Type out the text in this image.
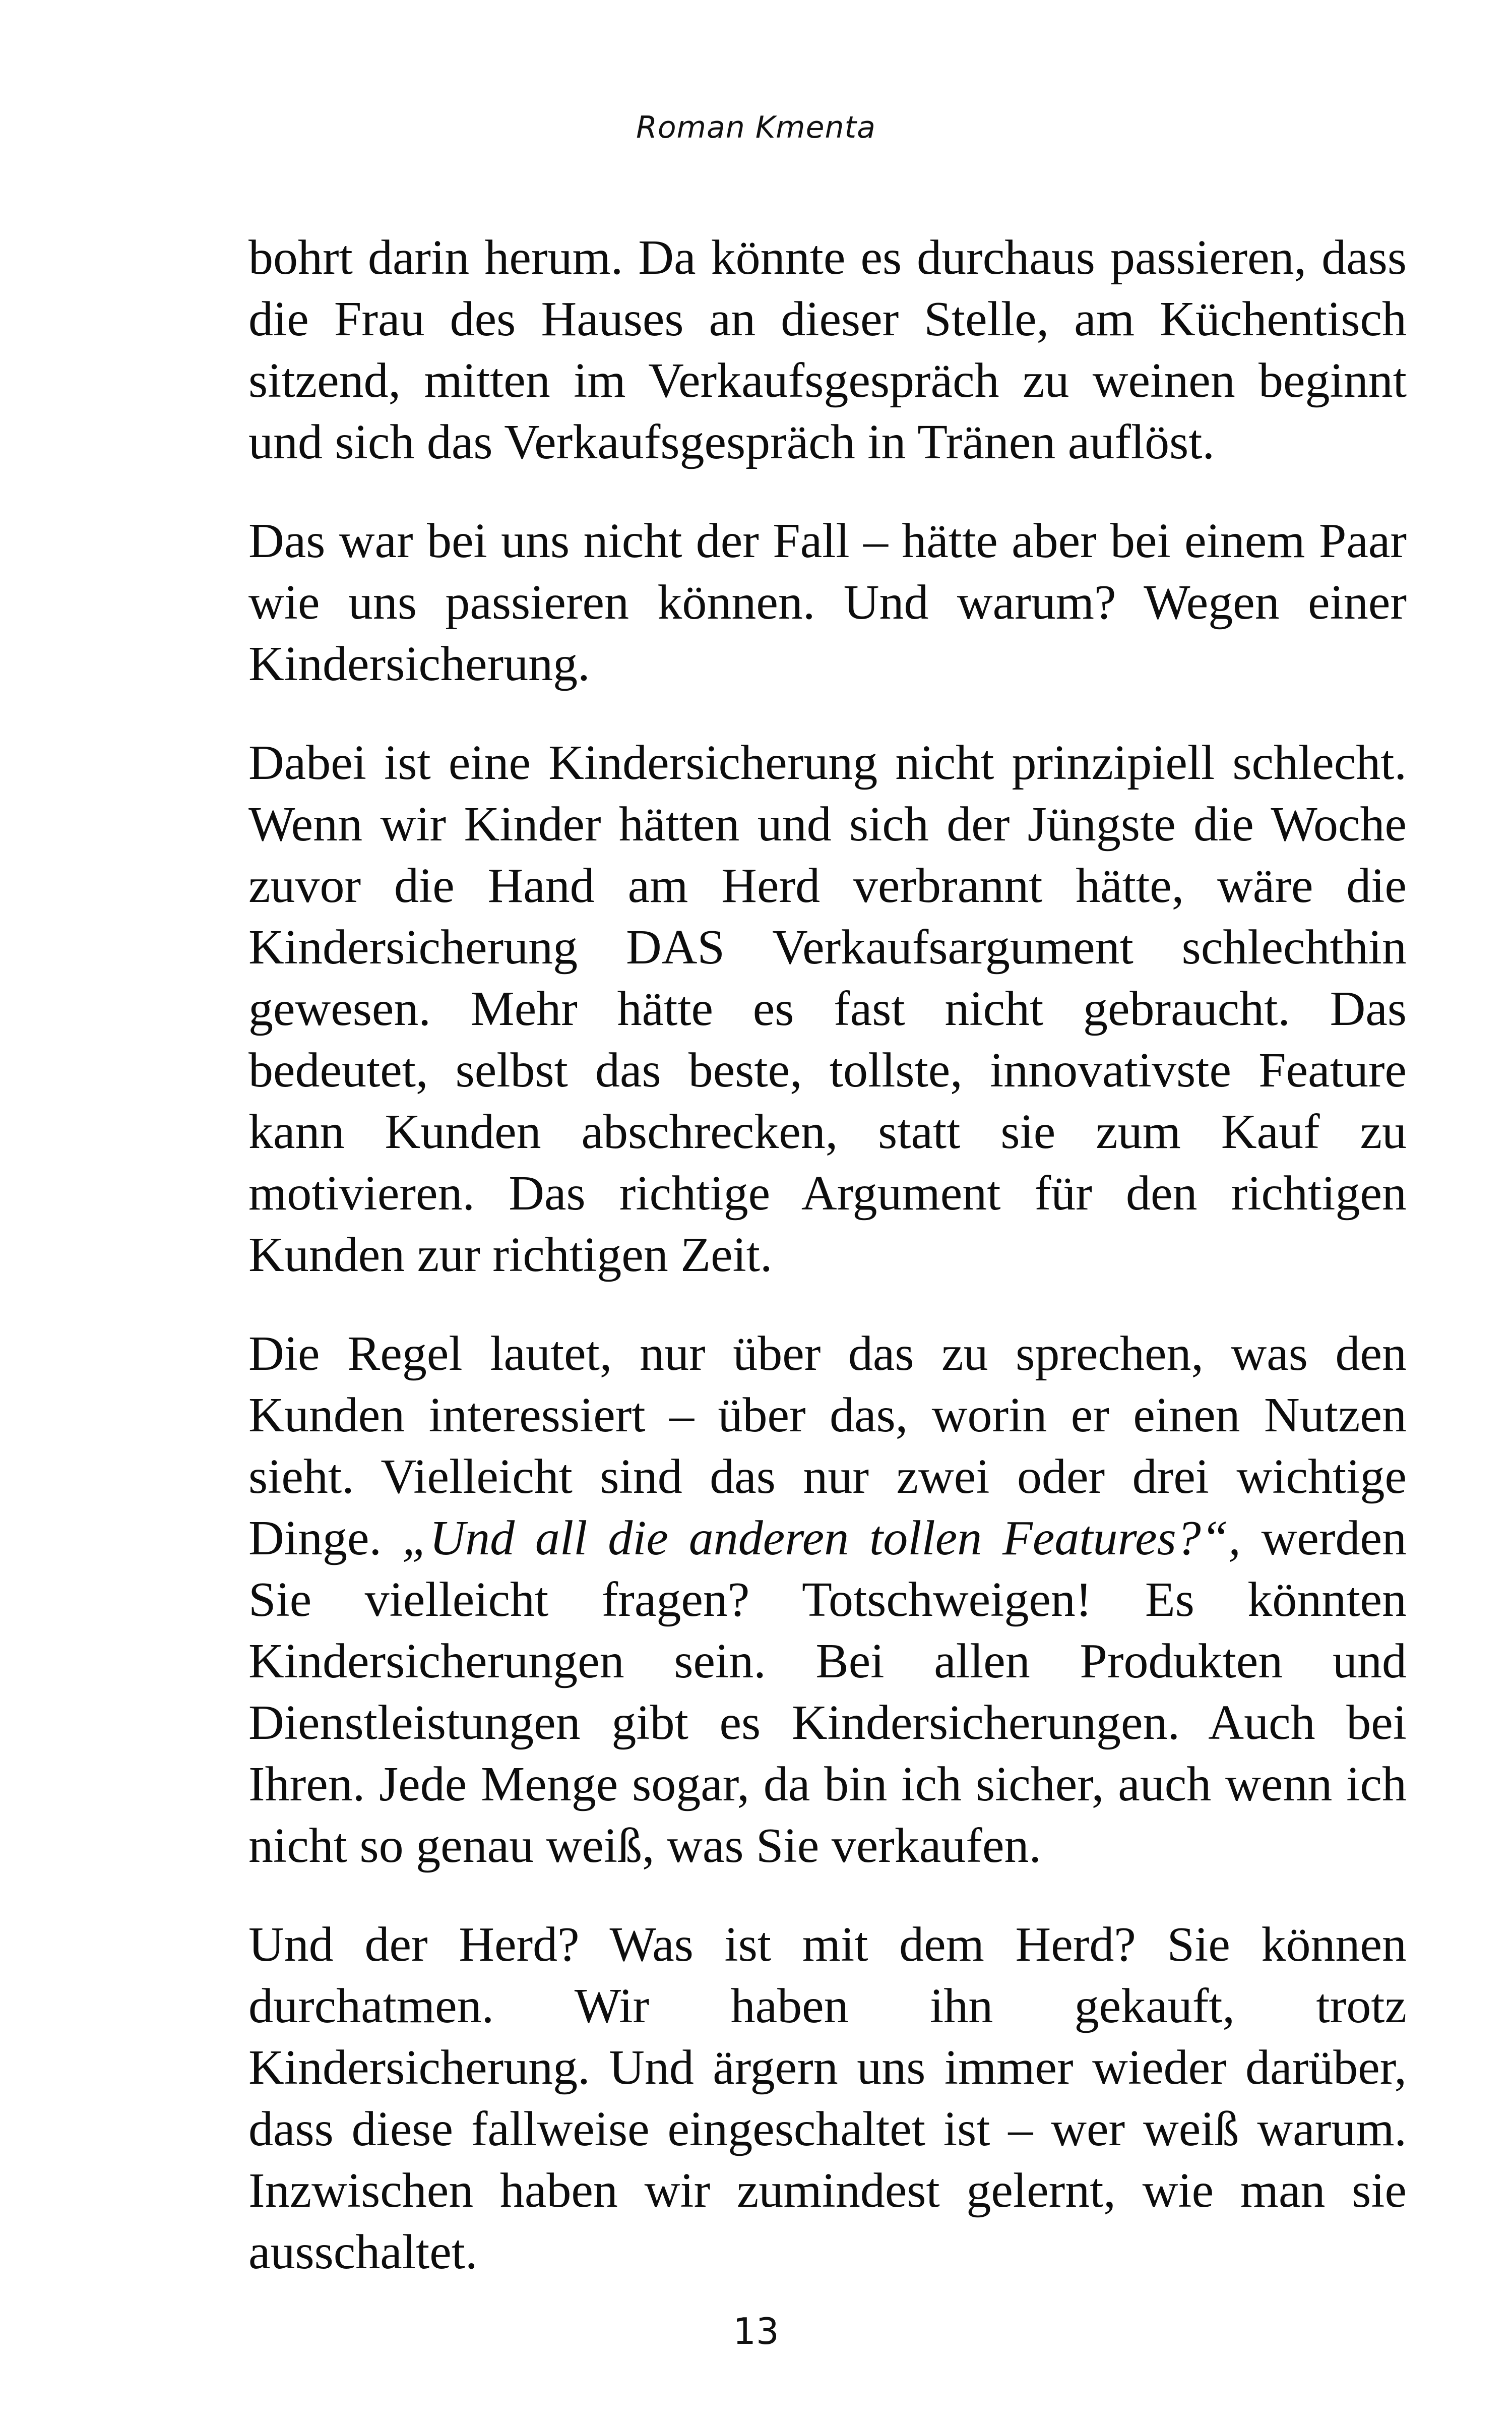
Roman Kmenta

bohrt darin herum. Da könnte es durchaus passieren, dass die Frau des Hauses an dieser Stelle, am Küchentisch sitzend, mitten im Verkaufsgespräch zu weinen beginnt und sich das Verkaufsgespräch in Tränen auflöst.

Das war bei uns nicht der Fall – hätte aber bei einem Paar wie uns passieren können. Und warum? Wegen einer Kindersicherung.

Dabei ist eine Kindersicherung nicht prinzipiell schlecht. Wenn wir Kinder hätten und sich der Jüngste die Woche zuvor die Hand am Herd verbrannt hätte, wäre die Kindersicherung DAS Verkaufsargument schlechthin gewesen. Mehr hätte es fast nicht gebraucht. Das bedeutet, selbst das beste, tollste, innovativste Feature kann Kunden abschrecken, statt sie zum Kauf zu motivieren. Das richtige Argument für den richtigen Kunden zur richtigen Zeit.

Die Regel lautet, nur über das zu sprechen, was den Kunden interessiert – über das, worin er einen Nutzen sieht. Vielleicht sind das nur zwei oder drei wichtige Dinge. „Und all die anderen tollen Features?“, werden Sie vielleicht fragen? Totschweigen! Es könnten Kindersicherungen sein. Bei allen Produkten und Dienstleistungen gibt es Kindersicherungen. Auch bei Ihren. Jede Menge sogar, da bin ich sicher, auch wenn ich nicht so genau weiß, was Sie verkaufen.

Und der Herd? Was ist mit dem Herd? Sie können durchatmen. Wir haben ihn gekauft, trotz Kindersicherung. Und ärgern uns immer wieder darüber, dass diese fallweise eingeschaltet ist – wer weiß warum. Inzwischen haben wir zumindest gelernt, wie man sie ausschaltet.

13
